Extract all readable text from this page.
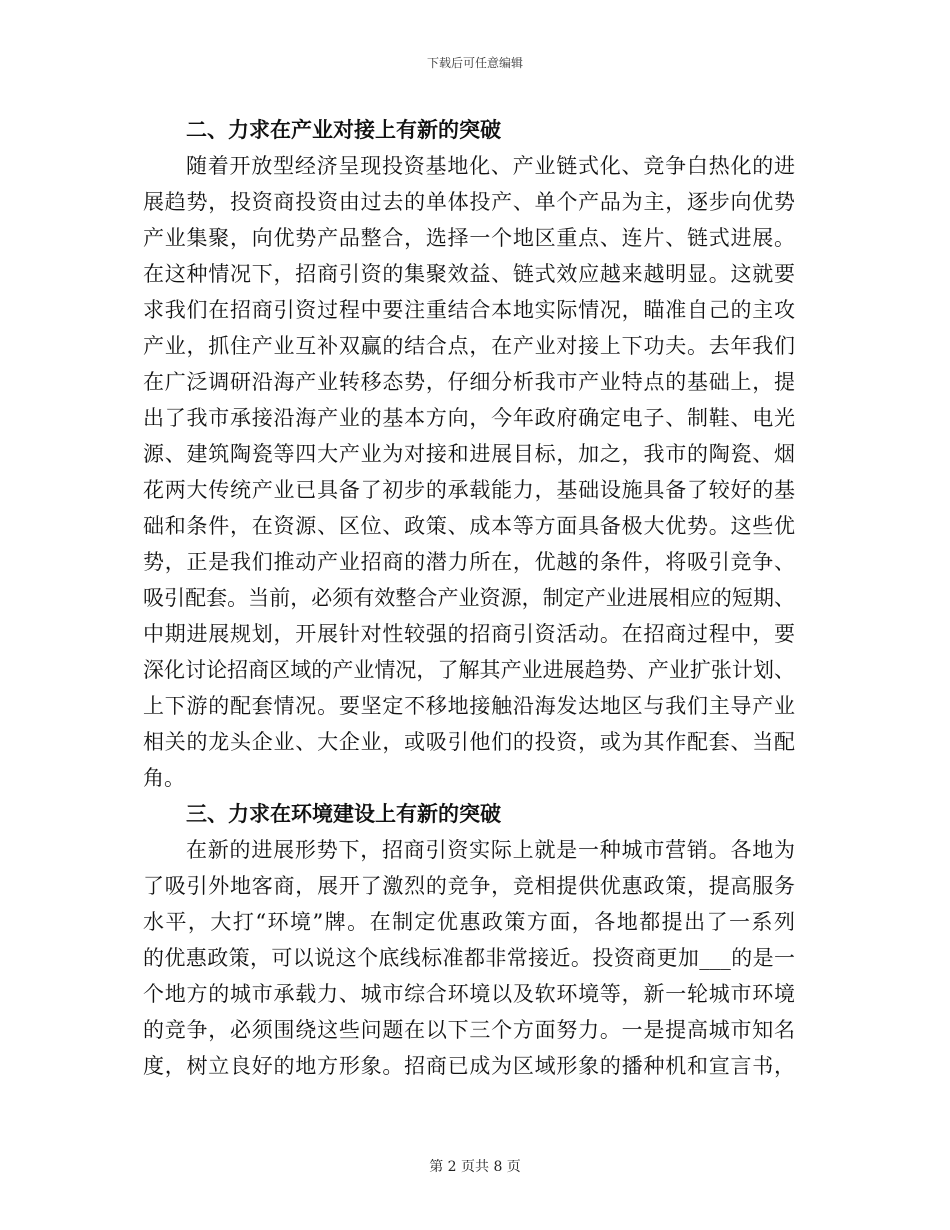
下载后可任意编辑
二、力求在产业对接上有新的突破
随着开放型经济呈现投资基地化、产业链式化、竞争白热化的进
展趋势，投资商投资由过去的单体投产、单个产品为主，逐步向优势
产业集聚，向优势产品整合，选择一个地区重点、连片、链式进展。
在这种情况下，招商引资的集聚效益、链式效应越来越明显。这就要
求我们在招商引资过程中要注重结合本地实际情况，瞄准自己的主攻
产业，抓住产业互补双赢的结合点，在产业对接上下功夫。去年我们
在广泛调研沿海产业转移态势，仔细分析我市产业特点的基础上，提
出了我市承接沿海产业的基本方向，今年政府确定电子、制鞋、电光
源、建筑陶瓷等四大产业为对接和进展目标，加之，我市的陶瓷、烟
花两大传统产业已具备了初步的承载能力，基础设施具备了较好的基
础和条件，在资源、区位、政策、成本等方面具备极大优势。这些优
势，正是我们推动产业招商的潜力所在，优越的条件，将吸引竞争、
吸引配套。当前，必须有效整合产业资源，制定产业进展相应的短期、
中期进展规划，开展针对性较强的招商引资活动。在招商过程中，要
深化讨论招商区域的产业情况，了解其产业进展趋势、产业扩张计划、
上下游的配套情况。要坚定不移地接触沿海发达地区与我们主导产业
相关的龙头企业、大企业，或吸引他们的投资，或为其作配套、当配
角。
三、力求在环境建设上有新的突破
在新的进展形势下，招商引资实际上就是一种城市营销。各地为
了吸引外地客商，展开了激烈的竞争，竞相提供优惠政策，提高服务
水平，大打“环境”牌。在制定优惠政策方面，各地都提出了一系列
的优惠政策，可以说这个底线标准都非常接近。投资商更加___的是一
个地方的城市承载力、城市综合环境以及软环境等，新一轮城市环境
的竞争，必须围绕这些问题在以下三个方面努力。一是提高城市知名
度，树立良好的地方形象。招商已成为区域形象的播种机和宣言书，
第 2 页共 8 页
